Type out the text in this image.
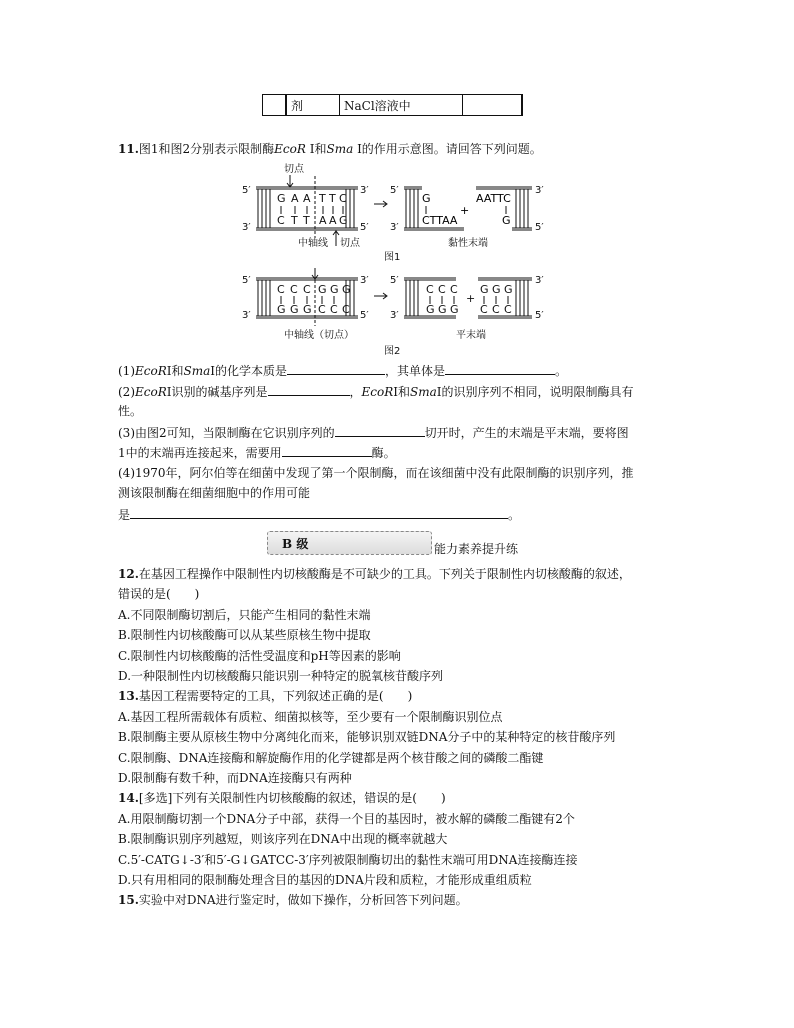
	剂	NaCl溶液中	
11.图1和图2分别表示限制酶EcoR Ⅰ和Sma Ⅰ的作用示意图。请回答下列问题。
切点
5′
3′
3′
5′
5′
3′
3′
5′
G A A T T C
C T T A A G
G
CTTAA
+
AATTC
G
中轴线 切点	黏性末端
图1
5′
3′
3′
5′
5′
3′
3′
5′
C C C G G G
G G G C C C
C C C
G G G
+
G G G
C C C
中轴线（切点）	平末端
图2
(1)EcoRⅠ和SmaⅠ的化学本质是	，其单体是	。
(2)EcoRⅠ识别的碱基序列是	，EcoRⅠ和SmaⅠ的识别序列不相同，说明限制酶具有
性。
(3)由图2可知，当限制酶在它识别序列的	切开时，产生的末端是平末端，要将图
1中的末端再连接起来，需要用	酶。
(4)1970年，阿尔伯等在细菌中发现了第一个限制酶，而在该细菌中没有此限制酶的识别序列，推
测该限制酶在细菌细胞中的作用可能
是	。
B 级	能力素养提升练
12.在基因工程操作中限制性内切核酸酶是不可缺少的工具。下列关于限制性内切核酸酶的叙述，
错误的是(　　)
A.不同限制酶切割后，只能产生相同的黏性末端
B.限制性内切核酸酶可以从某些原核生物中提取
C.限制性内切核酸酶的活性受温度和pH等因素的影响
D.一种限制性内切核酸酶只能识别一种特定的脱氧核苷酸序列
13.基因工程需要特定的工具，下列叙述正确的是(　　)
A.基因工程所需载体有质粒、细菌拟核等，至少要有一个限制酶识别位点
B.限制酶主要从原核生物中分离纯化而来，能够识别双链DNA分子中的某种特定的核苷酸序列
C.限制酶、DNA连接酶和解旋酶作用的化学键都是两个核苷酸之间的磷酸二酯键
D.限制酶有数千种，而DNA连接酶只有两种
14.[多选]下列有关限制性内切核酸酶的叙述，错误的是(　　)
A.用限制酶切割一个DNA分子中部，获得一个目的基因时，被水解的磷酸二酯键有2个
B.限制酶识别序列越短，则该序列在DNA中出现的概率就越大
C.5′-CATG↓-3′和5′-G↓GATCC-3′序列被限制酶切出的黏性末端可用DNA连接酶连接
D.只有用相同的限制酶处理含目的基因的DNA片段和质粒，才能形成重组质粒
15.实验中对DNA进行鉴定时，做如下操作，分析回答下列问题。
